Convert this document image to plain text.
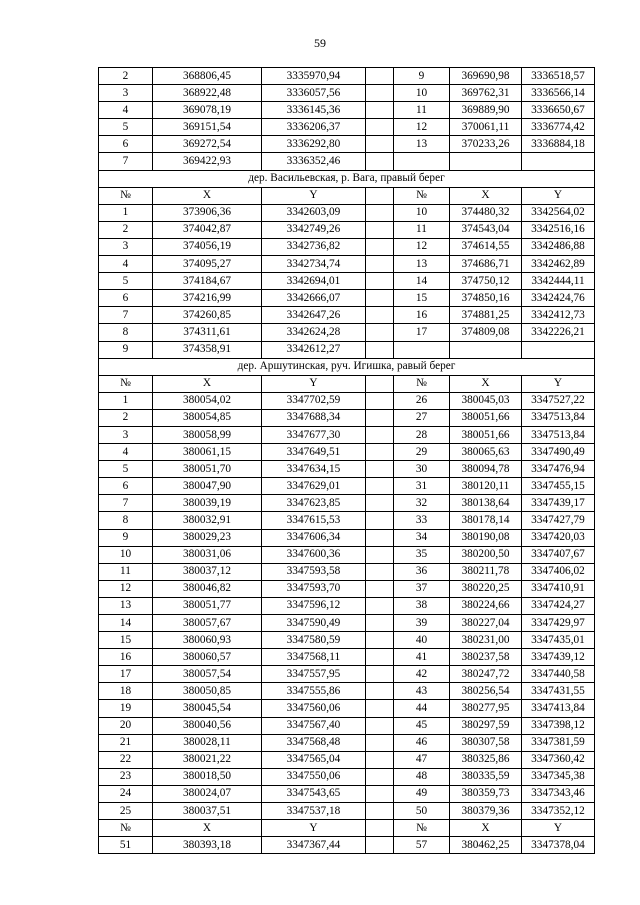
59
2	368806,45	3335970,94		9	369690,98	3336518,57
3	368922,48	3336057,56		10	369762,31	3336566,14
4	369078,19	3336145,36		11	369889,90	3336650,67
5	369151,54	3336206,37		12	370061,11	3336774,42
6	369272,54	3336292,80		13	370233,26	3336884,18
7	369422,93	3336352,46				
дер. Васильевская, р. Вага, правый берег						
№	X	Y		№	X	Y
1	373906,36	3342603,09		10	374480,32	3342564,02
2	374042,87	3342749,26		11	374543,04	3342516,16
3	374056,19	3342736,82		12	374614,55	3342486,88
4	374095,27	3342734,74		13	374686,71	3342462,89
5	374184,67	3342694,01		14	374750,12	3342444,11
6	374216,99	3342666,07		15	374850,16	3342424,76
7	374260,85	3342647,26		16	374881,25	3342412,73
8	374311,61	3342624,28		17	374809,08	3342226,21
9	374358,91	3342612,27				
дер. Аршутинская, руч. Игишка, равый берег						
№	X	Y		№	X	Y
1	380054,02	3347702,59		26	380045,03	3347527,22
2	380054,85	3347688,34		27	380051,66	3347513,84
3	380058,99	3347677,30		28	380051,66	3347513,84
4	380061,15	3347649,51		29	380065,63	3347490,49
5	380051,70	3347634,15		30	380094,78	3347476,94
6	380047,90	3347629,01		31	380120,11	3347455,15
7	380039,19	3347623,85		32	380138,64	3347439,17
8	380032,91	3347615,53		33	380178,14	3347427,79
9	380029,23	3347606,34		34	380190,08	3347420,03
10	380031,06	3347600,36		35	380200,50	3347407,67
11	380037,12	3347593,58		36	380211,78	3347406,02
12	380046,82	3347593,70		37	380220,25	3347410,91
13	380051,77	3347596,12		38	380224,66	3347424,27
14	380057,67	3347590,49		39	380227,04	3347429,97
15	380060,93	3347580,59		40	380231,00	3347435,01
16	380060,57	3347568,11		41	380237,58	3347439,12
17	380057,54	3347557,95		42	380247,72	3347440,58
18	380050,85	3347555,86		43	380256,54	3347431,55
19	380045,54	3347560,06		44	380277,95	3347413,84
20	380040,56	3347567,40		45	380297,59	3347398,12
21	380028,11	3347568,48		46	380307,58	3347381,59
22	380021,22	3347565,04		47	380325,86	3347360,42
23	380018,50	3347550,06		48	380335,59	3347345,38
24	380024,07	3347543,65		49	380359,73	3347343,46
25	380037,51	3347537,18		50	380379,36	3347352,12
№	X	Y		№	X	Y
51	380393,18	3347367,44		57	380462,25	3347378,04
